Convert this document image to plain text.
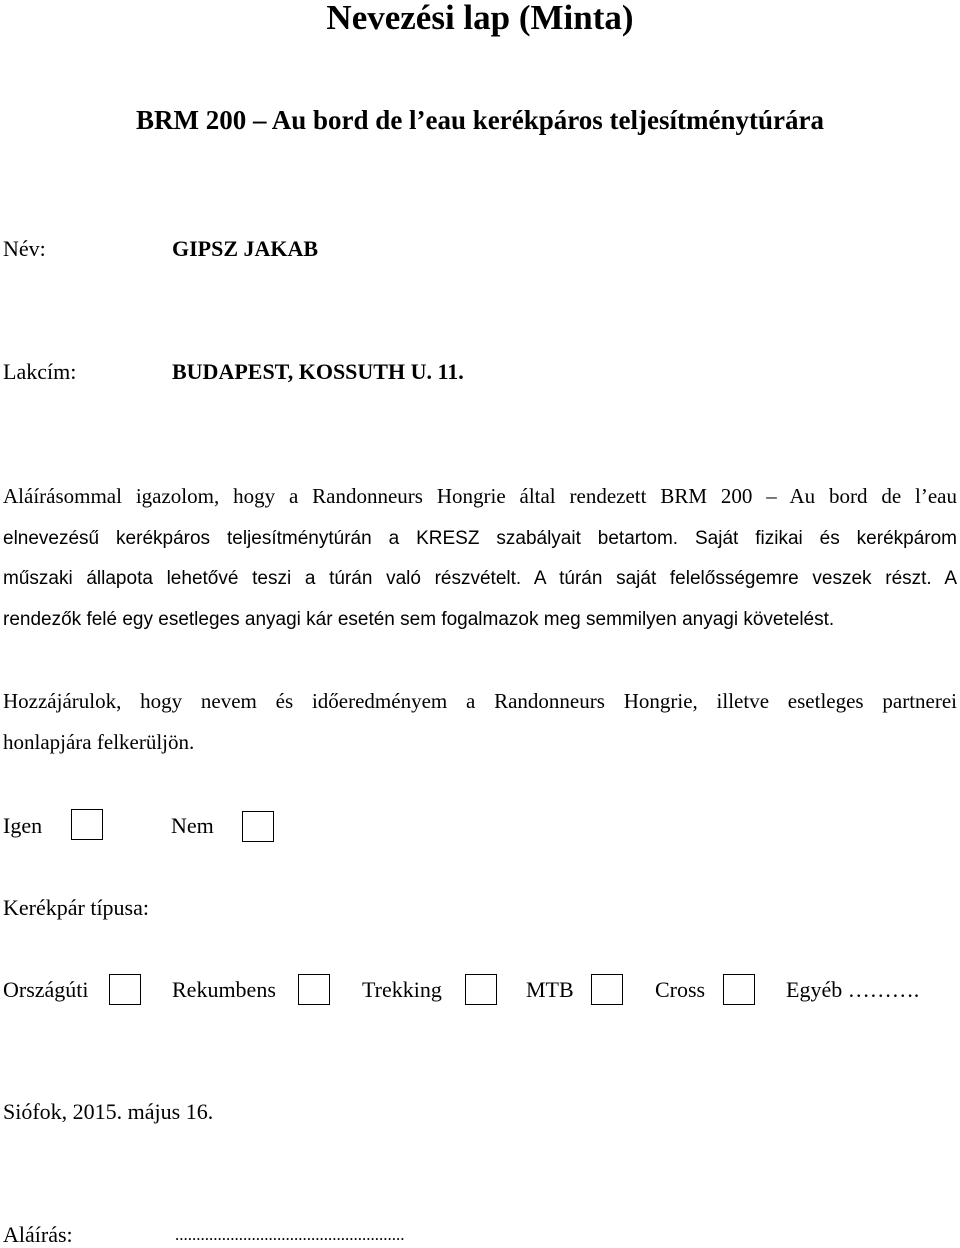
Nevezési lap (Minta)
BRM 200 – Au bord de l’eau kerékpáros teljesítménytúrára
Név:	GIPSZ JAKAB
Lakcím:	BUDAPEST, KOSSUTH U. 11.
Aláírásommal igazolom, hogy a Randonneurs Hongrie által rendezett BRM 200 – Au bord de l’eau
elnevezésű kerékpáros teljesítménytúrán a KRESZ szabályait betartom. Saját fizikai és kerékpárom
műszaki állapota lehetővé teszi a túrán való részvételt. A túrán saját felelősségemre veszek részt. A
rendezők felé egy esetleges anyagi kár esetén sem fogalmazok meg semmilyen anyagi követelést.
Hozzájárulok, hogy nevem és időeredményem a Randonneurs Hongrie, illetve esetleges partnerei
honlapjára felkerüljön.
Igen	Nem
Kerékpár típusa:
Országúti	Rekumbens	Trekking	MTB	Cross	Egyéb ……….
Siófok, 2015. május 16.
Aláírás:	......................................................
